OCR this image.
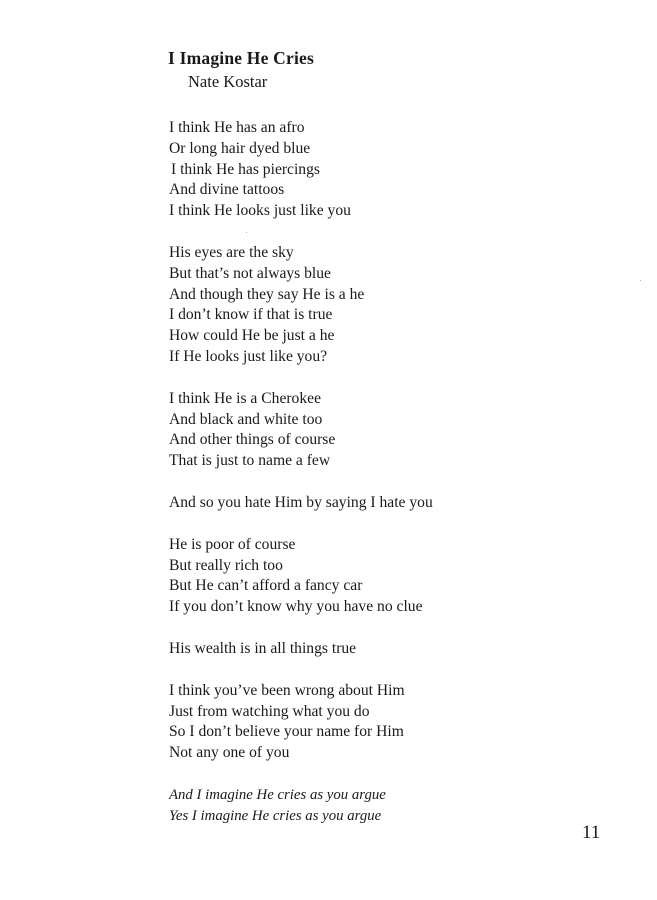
I Imagine He Cries

Nate Kostar

I think He has an afro
Or long hair dyed blue
I think He has piercings
And divine tattoos
I think He looks just like you
His eyes are the sky
But that’s not always blue
And though they say He is a he
I don’t know if that is true
How could He be just a he
If He looks just like you?
I think He is a Cherokee
And black and white too
And other things of course
That is just to name a few
And so you hate Him by saying I hate you
He is poor of course
But really rich too
But He can’t afford a fancy car
If you don’t know why you have no clue
His wealth is in all things true
I think you’ve been wrong about Him
Just from watching what you do
So I don’t believe your name for Him
Not any one of you
And I imagine He cries as you argue
Yes I imagine He cries as you argue

11
